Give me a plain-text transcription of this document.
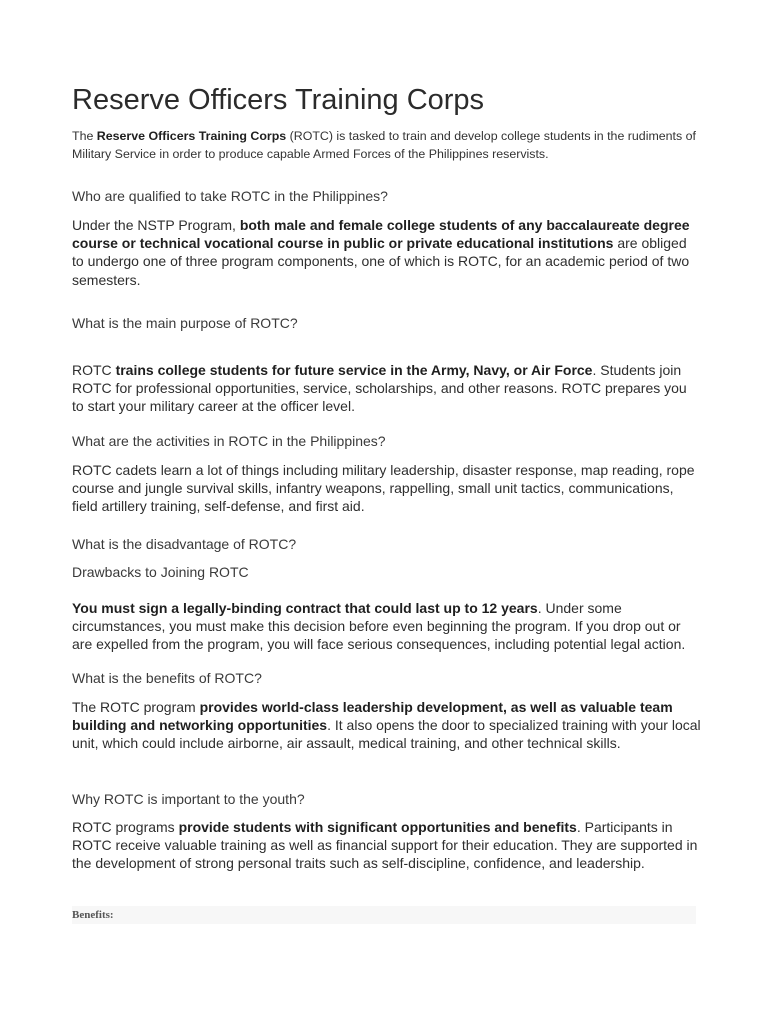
Reserve Officers Training Corps

The Reserve Officers Training Corps (ROTC) is tasked to train and develop college students in the rudiments of Military Service in order to produce capable Armed Forces of the Philippines reservists.

Who are qualified to take ROTC in the Philippines?

Under the NSTP Program, both male and female college students of any baccalaureate degree course or technical vocational course in public or private educational institutions are obliged to undergo one of three program components, one of which is ROTC, for an academic period of two semesters.

What is the main purpose of ROTC?

ROTC trains college students for future service in the Army, Navy, or Air Force. Students join ROTC for professional opportunities, service, scholarships, and other reasons. ROTC prepares you to start your military career at the officer level.

What are the activities in ROTC in the Philippines?

ROTC cadets learn a lot of things including military leadership, disaster response, map reading, rope course and jungle survival skills, infantry weapons, rappelling, small unit tactics, communications, field artillery training, self-defense, and first aid.

What is the disadvantage of ROTC?

Drawbacks to Joining ROTC

You must sign a legally-binding contract that could last up to 12 years. Under some circumstances, you must make this decision before even beginning the program. If you drop out or are expelled from the program, you will face serious consequences, including potential legal action.

What is the benefits of ROTC?

The ROTC program provides world-class leadership development, as well as valuable team building and networking opportunities. It also opens the door to specialized training with your local unit, which could include airborne, air assault, medical training, and other technical skills.

Why ROTC is important to the youth?

ROTC programs provide students with significant opportunities and benefits. Participants in ROTC receive valuable training as well as financial support for their education. They are supported in the development of strong personal traits such as self-discipline, confidence, and leadership.

Benefits:
